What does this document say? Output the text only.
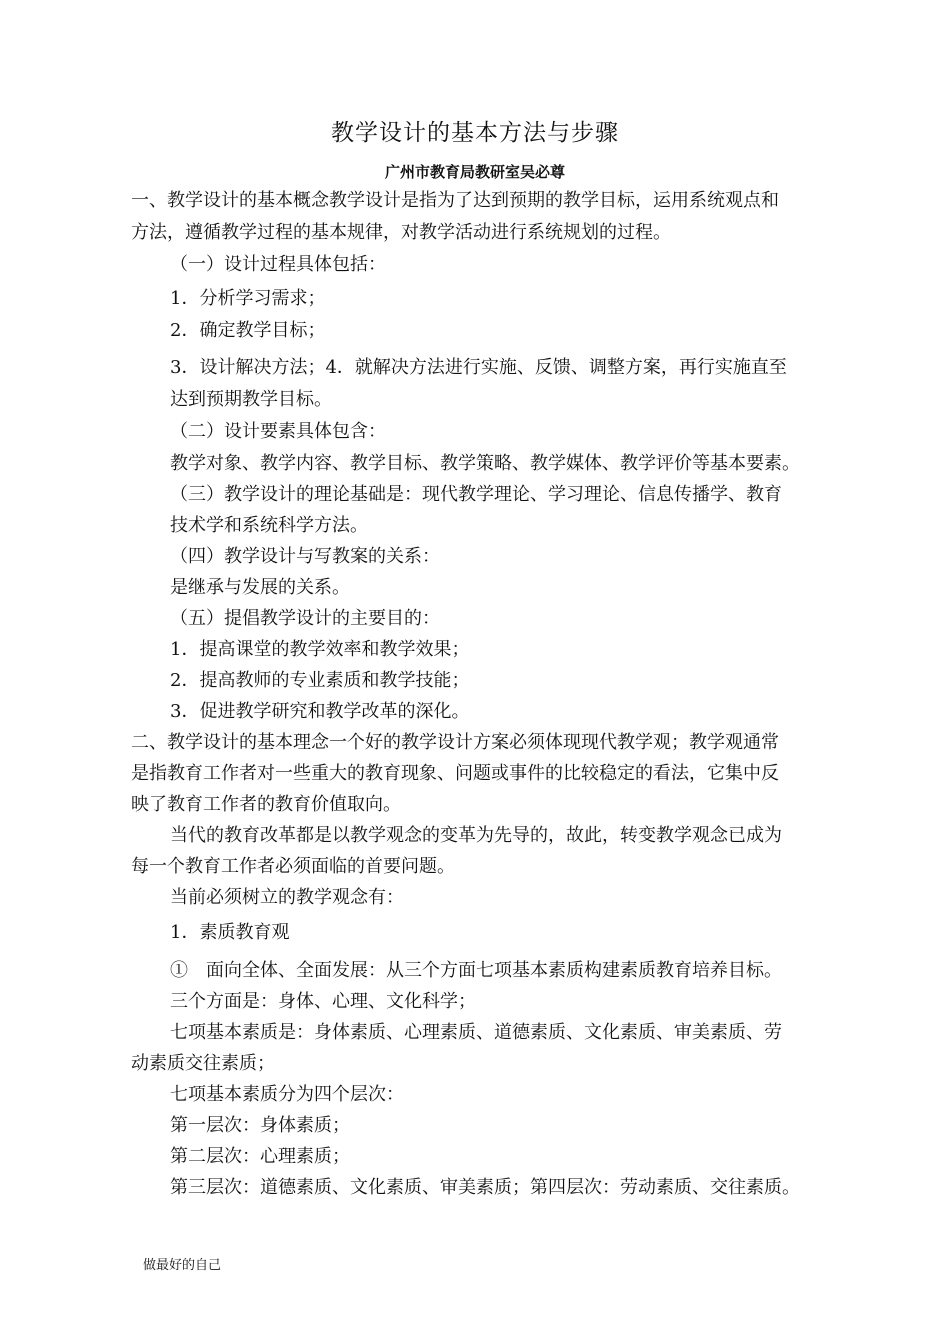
教学设计的基本方法与步骤
广州市教育局教研室吴必尊
一、教学设计的基本概念教学设计是指为了达到预期的教学目标，运用系统观点和
方法，遵循教学过程的基本规律，对教学活动进行系统规划的过程。
（一）设计过程具体包括：
1．分析学习需求；
2．确定教学目标；
3．设计解决方法；4．就解决方法进行实施、反馈、调整方案，再行实施直至
达到预期教学目标。
（二）设计要素具体包含：
教学对象、教学内容、教学目标、教学策略、教学媒体、教学评价等基本要素。
（三）教学设计的理论基础是：现代教学理论、学习理论、信息传播学、教育
技术学和系统科学方法。
（四）教学设计与写教案的关系：
是继承与发展的关系。
（五）提倡教学设计的主要目的：
1．提高课堂的教学效率和教学效果；
2．提高教师的专业素质和教学技能；
3．促进教学研究和教学改革的深化。
二、教学设计的基本理念一个好的教学设计方案必须体现现代教学观；教学观通常
是指教育工作者对一些重大的教育现象、问题或事件的比较稳定的看法，它集中反
映了教育工作者的教育价值取向。
当代的教育改革都是以教学观念的变革为先导的，故此，转变教学观念已成为
每一个教育工作者必须面临的首要问题。
当前必须树立的教学观念有：
1．素质教育观
①　面向全体、全面发展：从三个方面七项基本素质构建素质教育培养目标。
三个方面是：身体、心理、文化科学；
七项基本素质是：身体素质、心理素质、道德素质、文化素质、审美素质、劳
动素质交往素质；
七项基本素质分为四个层次：
第一层次：身体素质；
第二层次：心理素质；
第三层次：道德素质、文化素质、审美素质；第四层次：劳动素质、交往素质。
做最好的自己
